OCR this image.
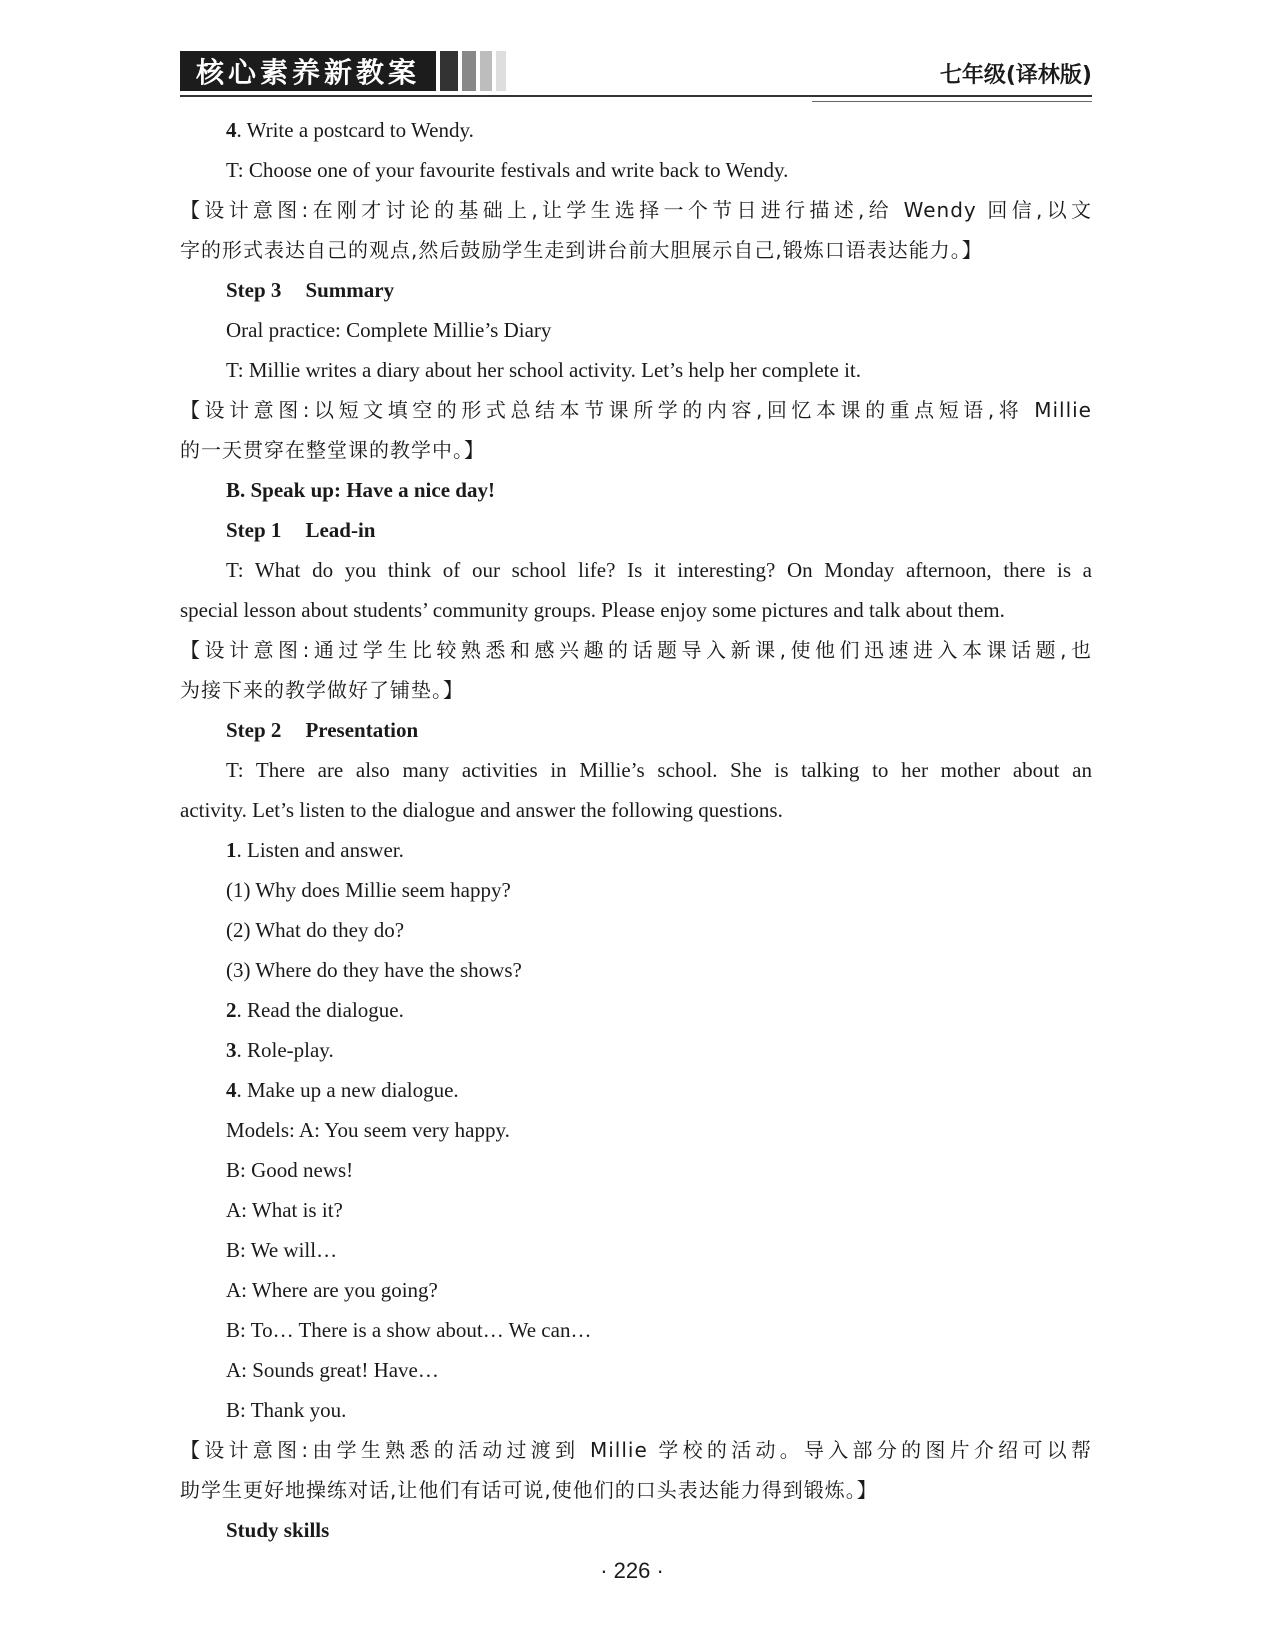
核心素养新教案	七年级(译林版)
4. Write a postcard to Wendy.
T: Choose one of your favourite festivals and write back to Wendy.
【设计意图:在刚才讨论的基础上,让学生选择一个节日进行描述,给 Wendy 回信,以文
字的形式表达自己的观点,然后鼓励学生走到讲台前大胆展示自己,锻炼口语表达能力。】
Step 3 Summary
Oral practice: Complete Millie’s Diary
T: Millie writes a diary about her school activity. Let’s help her complete it.
【设计意图:以短文填空的形式总结本节课所学的内容,回忆本课的重点短语,将 Millie
的一天贯穿在整堂课的教学中。】
B. Speak up: Have a nice day!
Step 1 Lead-in
T: What do you think of our school life? Is it interesting? On Monday afternoon, there is a
special lesson about students’ community groups. Please enjoy some pictures and talk about them.
【设计意图:通过学生比较熟悉和感兴趣的话题导入新课,使他们迅速进入本课话题,也
为接下来的教学做好了铺垫。】
Step 2 Presentation
T: There are also many activities in Millie’s school. She is talking to her mother about an
activity. Let’s listen to the dialogue and answer the following questions.
1. Listen and answer.
(1) Why does Millie seem happy?
(2) What do they do?
(3) Where do they have the shows?
2. Read the dialogue.
3. Role-play.
4. Make up a new dialogue.
Models: A: You seem very happy.
B: Good news!
A: What is it?
B: We will…
A: Where are you going?
B: To… There is a show about… We can…
A: Sounds great! Have…
B: Thank you.
【设计意图:由学生熟悉的活动过渡到 Millie 学校的活动。导入部分的图片介绍可以帮
助学生更好地操练对话,让他们有话可说,使他们的口头表达能力得到锻炼。】
Study skills
· 226 ·
